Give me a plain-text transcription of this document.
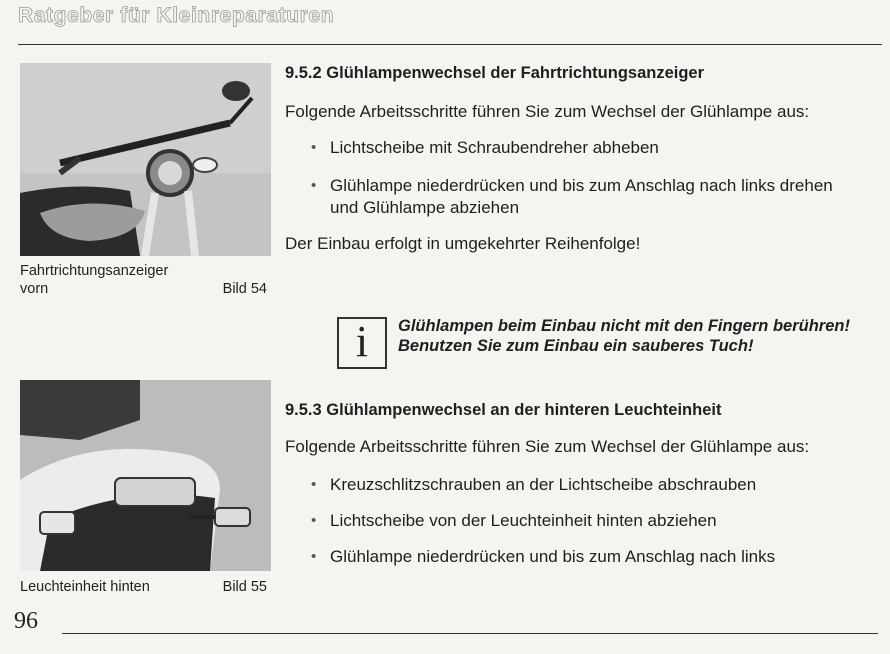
Ratgeber für Kleinreparaturen
Fahrtrichtungsanzeiger
vorn	Bild 54
Leuchteinheit hinten	Bild 55
9.5.2 Glühlampenwechsel der Fahrtrichtungsanzeiger
Folgende Arbeitsschritte führen Sie zum Wechsel der Glühlampe aus:
• Lichtscheibe mit Schraubendreher abheben
• Glühlampe niederdrücken und bis zum Anschlag nach links drehen und Glühlampe abziehen
Der Einbau erfolgt in umgekehrter Reihenfolge!
i	Glühlampen beim Einbau nicht mit den Fingern berühren! Benutzen Sie zum Einbau ein sauberes Tuch!
9.5.3 Glühlampenwechsel an der hinteren Leuchteinheit
Folgende Arbeitsschritte führen Sie zum Wechsel der Glühlampe aus:
• Kreuzschlitzschrauben an der Lichtscheibe abschrauben
• Lichtscheibe von der Leuchteinheit hinten abziehen
• Glühlampe niederdrücken und bis zum Anschlag nach links
96
